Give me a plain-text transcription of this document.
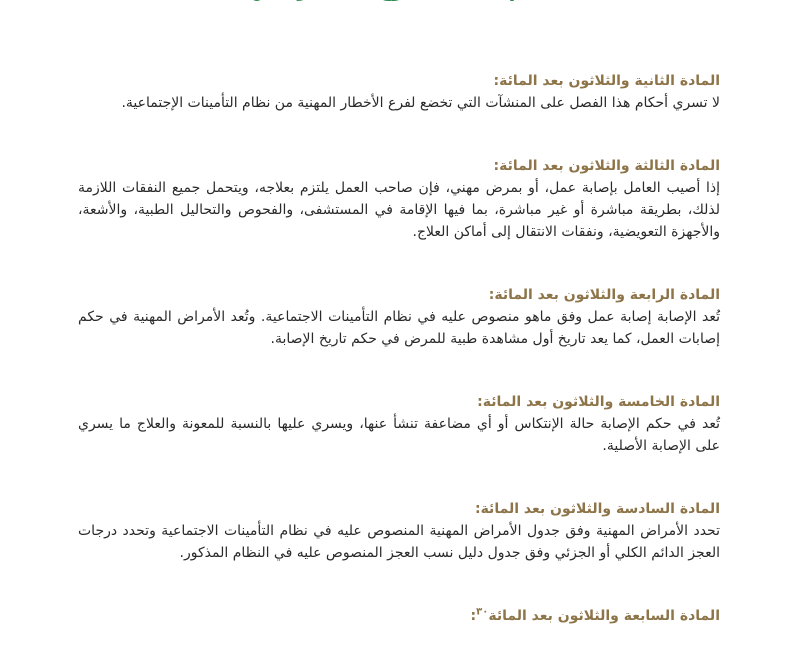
المادة الثانية والثلاثون بعد المائة:

لا تسري أحكام هذا الفصل على المنشآت التي تخضع لفرع الأخطار المهنية من نظام التأمينات الإجتماعية.

المادة الثالثة والثلاثون بعد المائة:

إذا أصيب العامل بإصابة عمل، أو بمرض مهني، فإن صاحب العمل يلتزم بعلاجه، ويتحمل جميع النفقات اللازمة لذلك، بطريقة مباشرة أو غير مباشرة، بما فيها الإقامة في المستشفى، والفحوص والتحاليل الطبية، والأشعة، والأجهزة التعويضية، ونفقات الانتقال إلى أماكن العلاج.

المادة الرابعة والثلاثون بعد المائة:

تُعد الإصابة إصابة عمل وفق ماهو منصوص عليه في نظام التأمينات الاجتماعية. وتُعد الأمراض المهنية في حكم إصابات العمل، كما يعد تاريخ أول مشاهدة طبية للمرض في حكم تاريخ الإصابة.

المادة الخامسة والثلاثون بعد المائة:

تُعد في حكم الإصابة حالة الإنتكاس أو أي مضاعفة تنشأ عنها، ويسري عليها بالنسبة للمعونة والعلاج ما يسري على الإصابة الأصلية.

المادة السادسة والثلاثون بعد المائة:

تحدد الأمراض المهنية وفق جدول الأمراض المهنية المنصوص عليه في نظام التأمينات الاجتماعية وتحدد درجات العجز الدائم الكلي أو الجزئي وفق جدول دليل نسب العجز المنصوص عليه في النظام المذكور.

المادة السابعة والثلاثون بعد المائة$^{٣٠}$:
